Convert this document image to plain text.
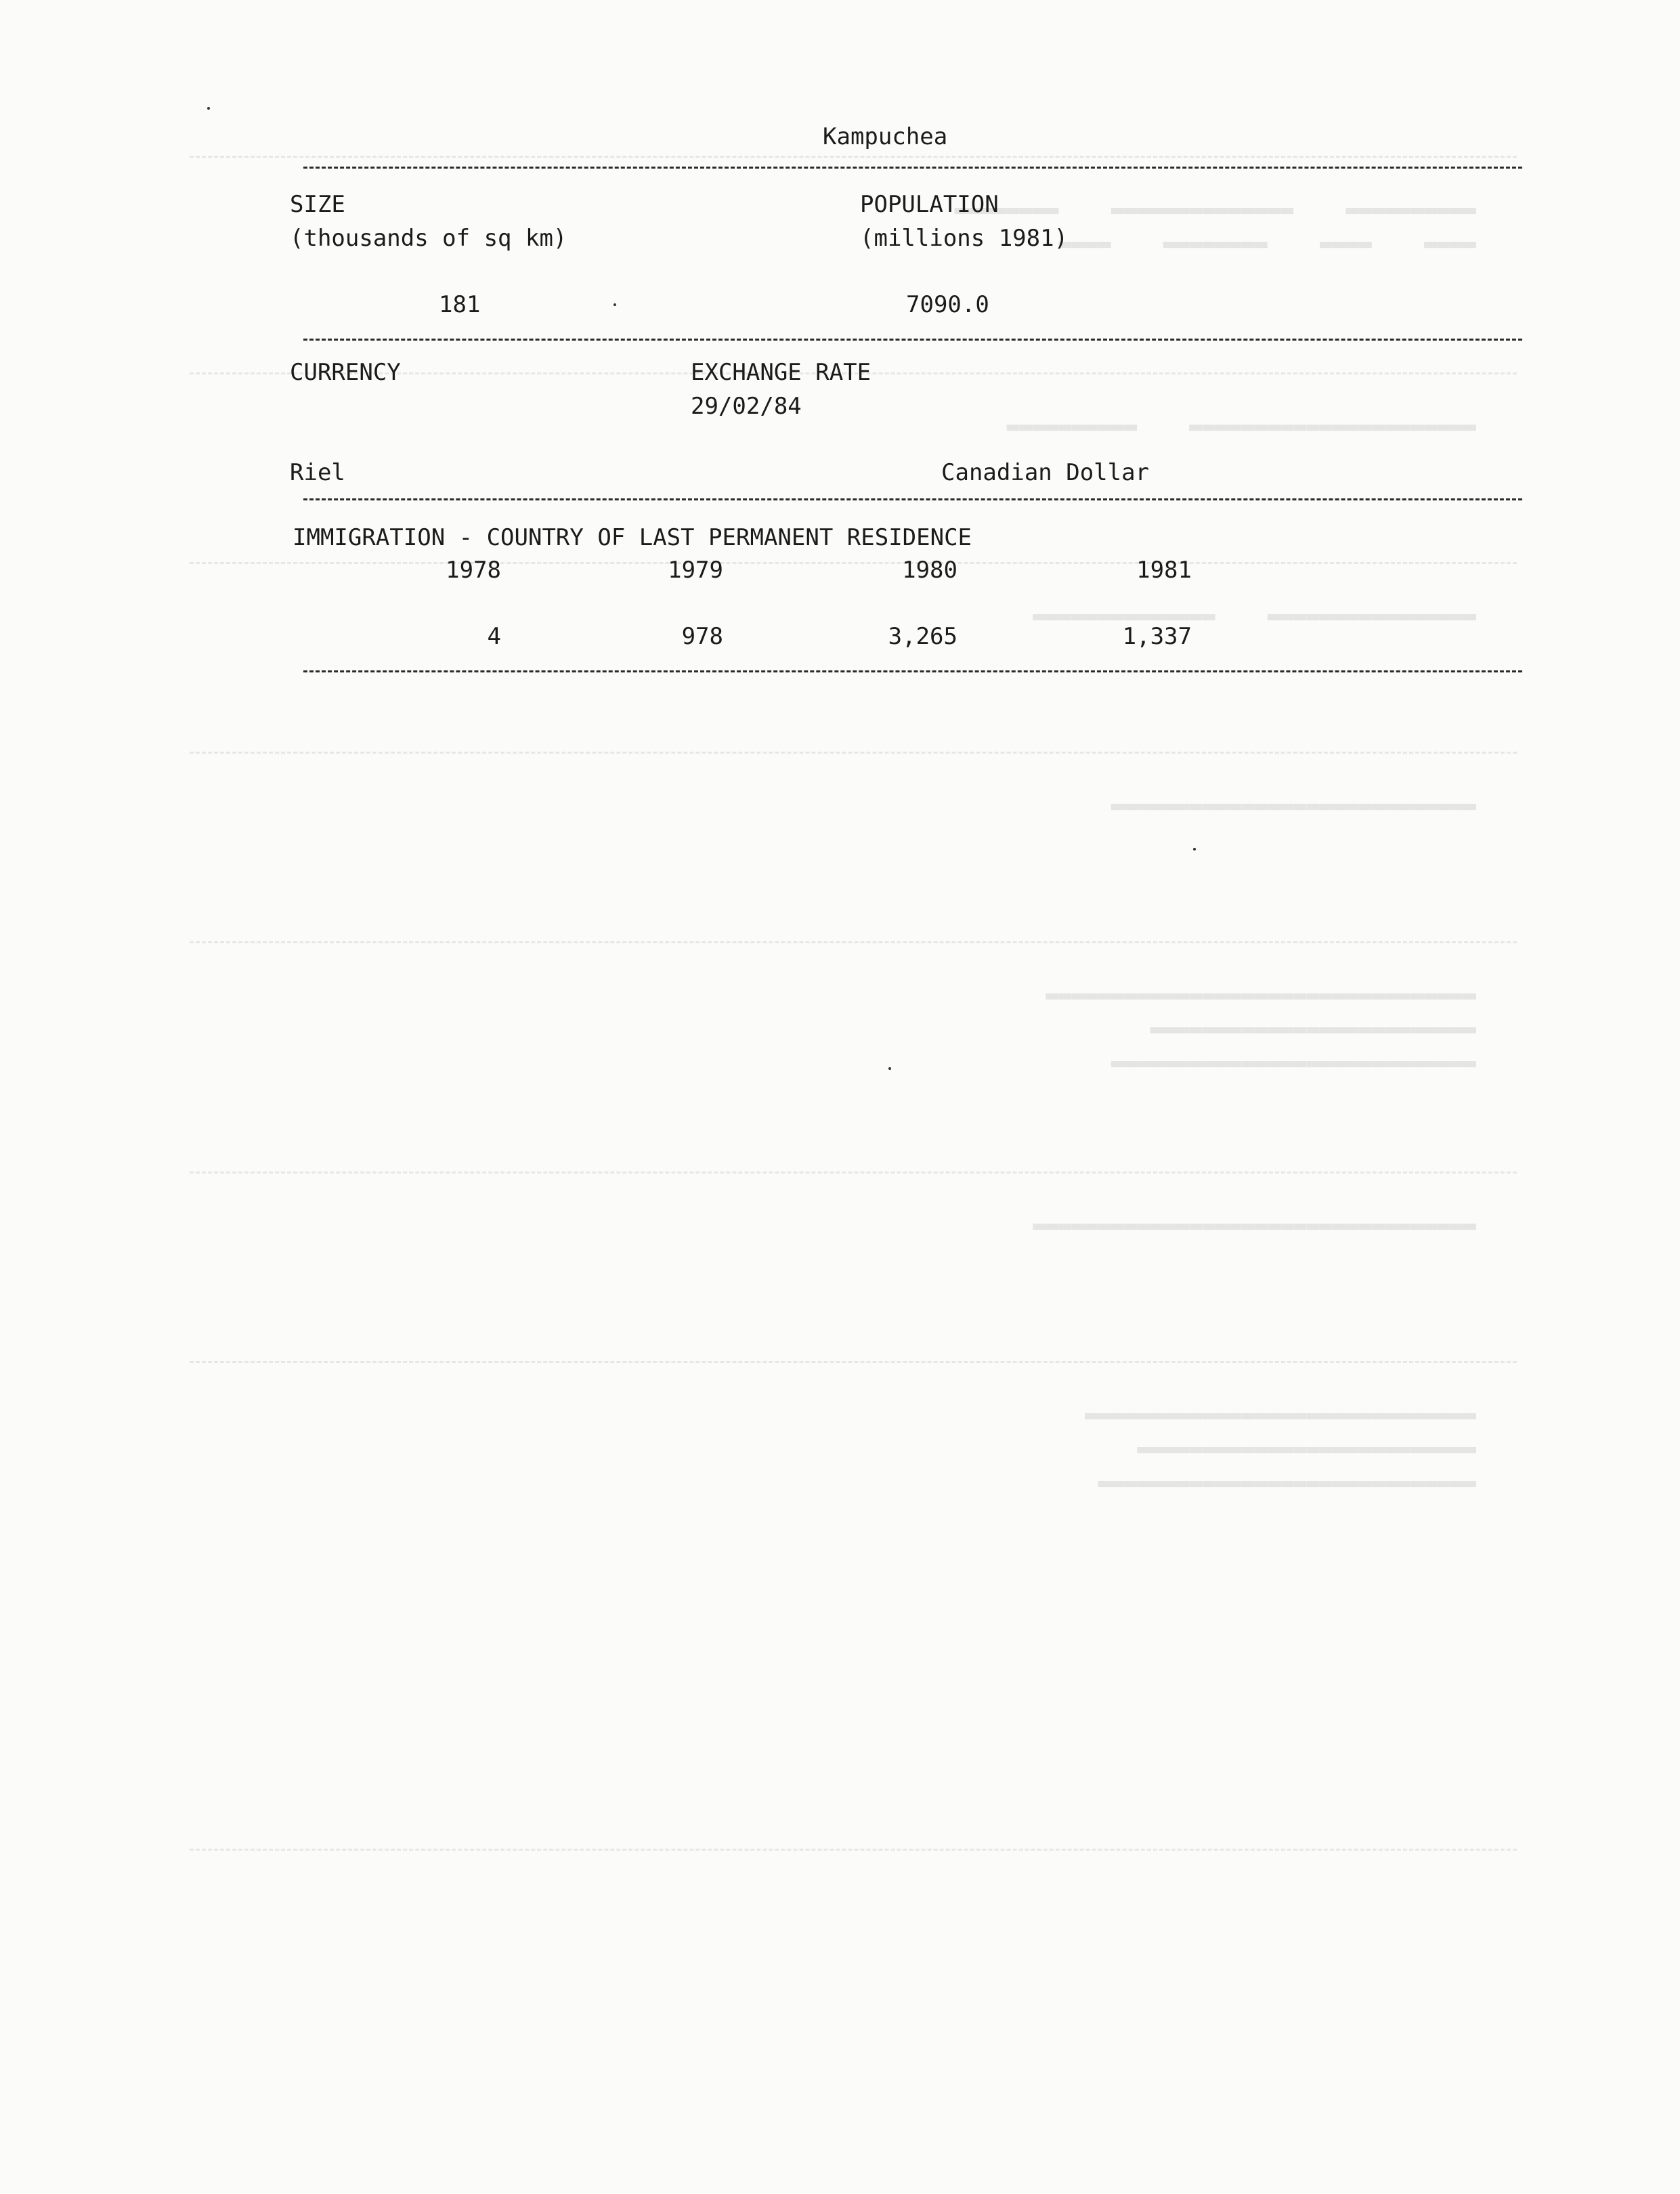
▬▬▬▬▬▬▬▬▬▬    ▬▬▬▬▬▬▬▬▬▬▬▬▬▬    ▬▬▬▬▬▬▬▬
▬▬▬▬    ▬▬▬▬    ▬▬▬▬▬▬▬▬    ▬▬▬▬
▬▬▬▬▬▬▬▬▬▬▬▬▬▬▬▬▬▬▬▬▬▬    ▬▬▬▬▬▬▬▬▬▬
▬▬▬▬▬▬▬▬▬▬▬▬▬▬▬▬    ▬▬▬▬▬▬▬▬▬▬▬▬▬▬
▬▬▬▬▬▬▬▬▬▬▬▬▬▬▬▬▬▬▬▬▬▬▬▬▬▬▬▬
▬▬▬▬▬▬▬▬▬▬▬▬▬▬▬▬▬▬▬▬▬▬▬▬▬▬▬▬▬▬▬▬▬
▬▬▬▬▬▬▬▬▬▬▬▬▬▬▬▬▬▬▬▬▬▬▬▬▬
▬▬▬▬▬▬▬▬▬▬▬▬▬▬▬▬▬▬▬▬▬▬▬▬▬▬▬▬
▬▬▬▬▬▬▬▬▬▬▬▬▬▬▬▬▬▬▬▬▬▬▬▬▬▬▬▬▬▬▬▬▬▬
▬▬▬▬▬▬▬▬▬▬▬▬▬▬▬▬▬▬▬▬▬▬▬▬▬▬▬▬▬▬
▬▬▬▬▬▬▬▬▬▬▬▬▬▬▬▬▬▬▬▬▬▬▬▬▬▬
▬▬▬▬▬▬▬▬▬▬▬▬▬▬▬▬▬▬▬▬▬▬▬▬▬▬▬▬▬
Kampuchea
SIZE
(thousands of sq km)
POPULATION
(millions 1981)
181	7090.0
CURRENCY	EXCHANGE RATE
29/02/84
Riel	Canadian Dollar
IMMIGRATION - COUNTRY OF LAST PERMANENT RESIDENCE
1978	1979	1980	1981
4	978	3,265	1,337
